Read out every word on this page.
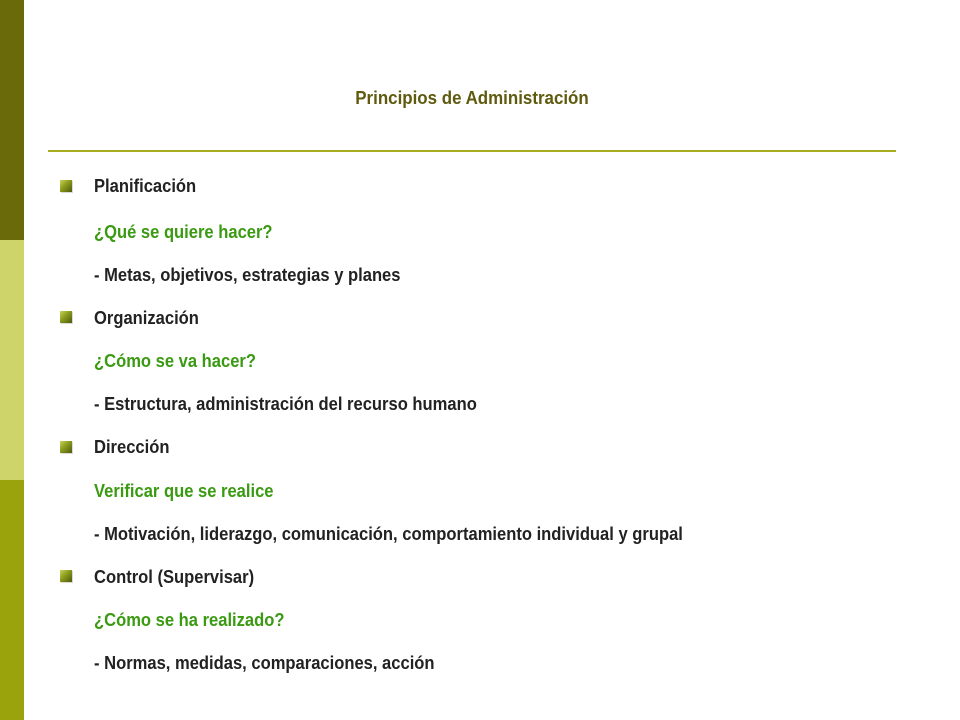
Principios de Administración
Planificación
¿Qué se quiere hacer?
- Metas, objetivos, estrategias y planes
Organización
¿Cómo se va hacer?
- Estructura, administración del recurso humano
Dirección
Verificar que se realice
- Motivación, liderazgo, comunicación, comportamiento individual y grupal
Control (Supervisar)
¿Cómo se ha realizado?
- Normas, medidas, comparaciones, acción
